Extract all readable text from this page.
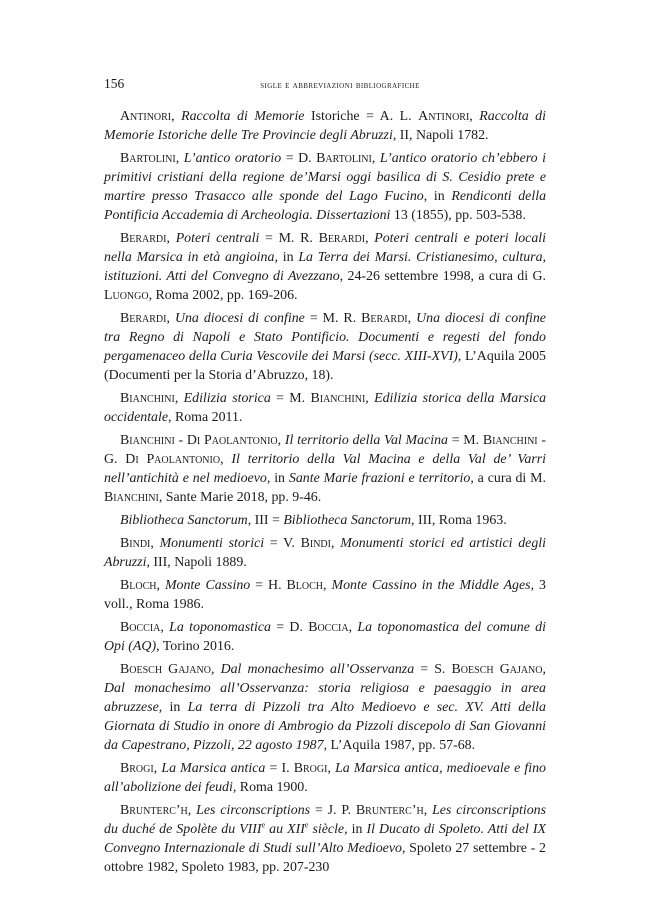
156	sigle e abbreviazioni bibliografiche

Antinori, Raccolta di Memorie Istoriche = A. L. Antinori, Raccolta di Memorie Istoriche delle Tre Provincie degli Abruzzi, II, Napoli 1782.

Bartolini, L’antico oratorio = D. Bartolini, L’antico oratorio ch’ebbero i primitivi cristiani della regione de’Marsi oggi basilica di S. Cesidio prete e martire presso Trasacco alle sponde del Lago Fucino, in Rendiconti della Pontificia Accademia di Archeologia. Dissertazioni 13 (1855), pp. 503-538.

Berardi, Poteri centrali = M. R. Berardi, Poteri centrali e poteri locali nella Marsica in età angioina, in La Terra dei Marsi. Cristianesimo, cultura, istituzioni. Atti del Convegno di Avezzano, 24-26 settembre 1998, a cura di G. Luongo, Roma 2002, pp. 169-206.

Berardi, Una diocesi di confine = M. R. Berardi, Una diocesi di confine tra Regno di Napoli e Stato Pontificio. Documenti e regesti del fondo pergamenaceo della Curia Vescovile dei Marsi (secc. XIII-XVI), L’Aquila 2005 (Documenti per la Storia d’Abruzzo, 18).

Bianchini, Edilizia storica = M. Bianchini, Edilizia storica della Marsica occidentale, Roma 2011.

Bianchini - Di Paolantonio, Il territorio della Val Macina = M. Bianchini - G. Di Paolantonio, Il territorio della Val Macina e della Val de’ Varri nell’antichità e nel medioevo, in Sante Marie frazioni e territorio, a cura di M. Bianchini, Sante Marie 2018, pp. 9-46.

Bibliotheca Sanctorum, III = Bibliotheca Sanctorum, III, Roma 1963.

Bindi, Monumenti storici = V. Bindi, Monumenti storici ed artistici degli Abruzzi, III, Napoli 1889.

Bloch, Monte Cassino = H. Bloch, Monte Cassino in the Middle Ages, 3 voll., Roma 1986.

Boccia, La toponomastica = D. Boccia, La toponomastica del comune di Opi (AQ), Torino 2016.

Boesch Gajano, Dal monachesimo all’Osservanza = S. Boesch Gajano, Dal monachesimo all’Osservanza: storia religiosa e paesaggio in area abruzzese, in La terra di Pizzoli tra Alto Medioevo e sec. XV. Atti della Giornata di Studio in onore di Ambrogio da Pizzoli discepolo di San Giovanni da Capestrano, Pizzoli, 22 agosto 1987, L’Aquila 1987, pp. 57-68.

Brogi, La Marsica antica = I. Brogi, La Marsica antica, medioevale e fino all’abolizione dei feudi, Roma 1900.

Brunterc’h, Les circonscriptions = J. P. Brunterc’h, Les circonscriptions du duché de Spolète du VIIIe au XIIe siècle, in Il Ducato di Spoleto. Atti del IX Convegno Internazionale di Studi sull’Alto Medioevo, Spoleto 27 settembre - 2 ottobre 1982, Spoleto 1983, pp. 207-230
